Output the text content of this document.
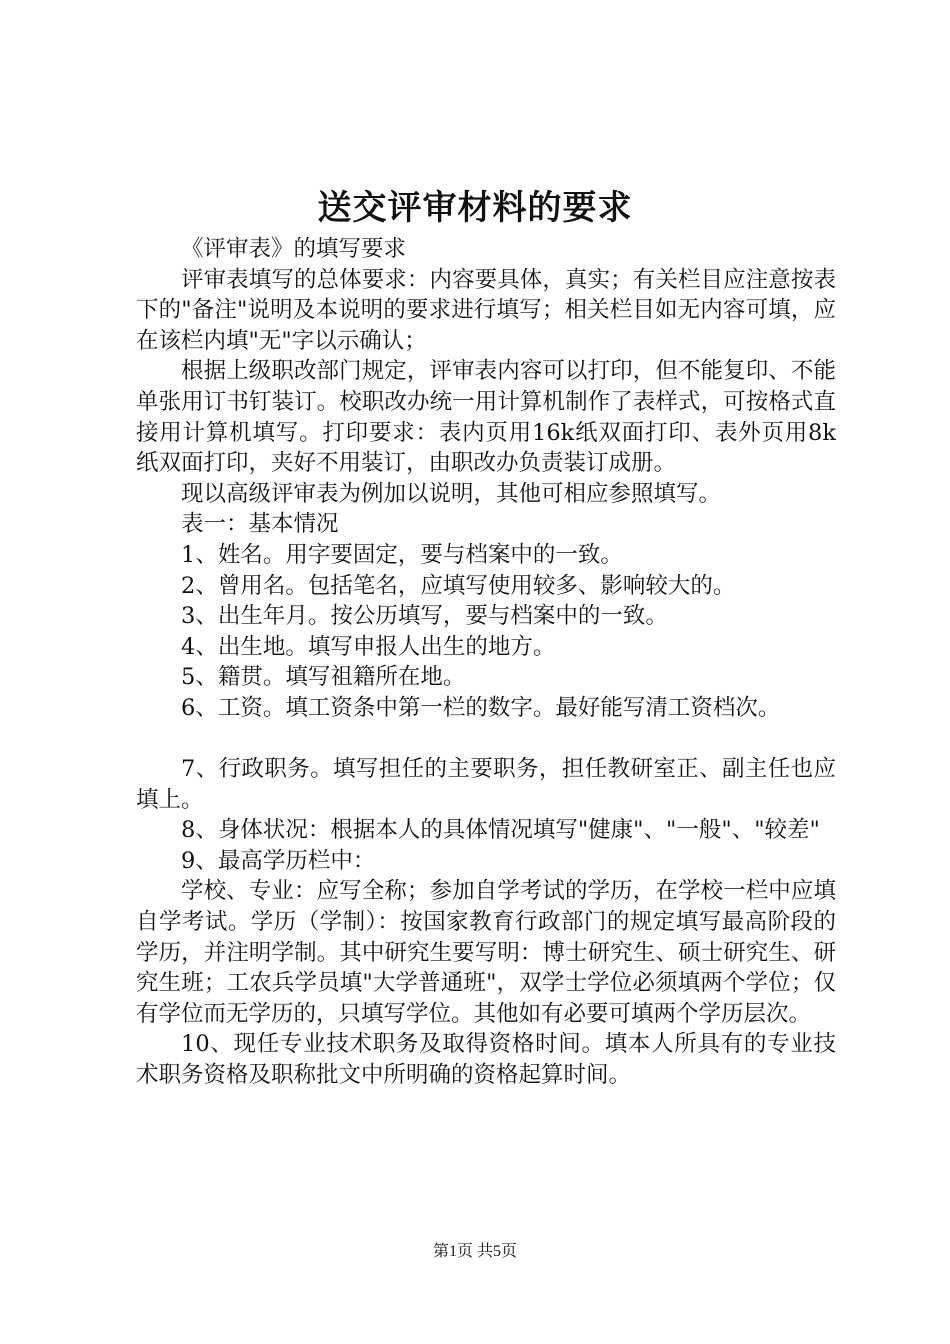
送交评审材料的要求

《评审表》的填写要求

评审表填写的总体要求：内容要具体，真实；有关栏目应注意按表下的"备注"说明及本说明的要求进行填写；相关栏目如无内容可填，应在该栏内填"无"字以示确认；

根据上级职改部门规定，评审表内容可以打印，但不能复印、不能单张用订书钉装订。校职改办统一用计算机制作了表样式，可按格式直接用计算机填写。打印要求：表内页用16k纸双面打印、表外页用8k纸双面打印，夹好不用装订，由职改办负责装订成册。

现以高级评审表为例加以说明，其他可相应参照填写。

表一：基本情况

1、姓名。用字要固定，要与档案中的一致。

2、曾用名。包括笔名，应填写使用较多、影响较大的。

3、出生年月。按公历填写，要与档案中的一致。

4、出生地。填写申报人出生的地方。

5、籍贯。填写祖籍所在地。

6、工资。填工资条中第一栏的数字。最好能写清工资档次。

7、行政职务。填写担任的主要职务，担任教研室正、副主任也应填上。

8、身体状况：根据本人的具体情况填写"健康"、"一般"、"较差"

9、最高学历栏中：

学校、专业：应写全称；参加自学考试的学历，在学校一栏中应填自学考试。学历（学制）：按国家教育行政部门的规定填写最高阶段的学历，并注明学制。其中研究生要写明：博士研究生、硕士研究生、研究生班；工农兵学员填"大学普通班"，双学士学位必须填两个学位；仅有学位而无学历的，只填写学位。其他如有必要可填两个学历层次。

10、现任专业技术职务及取得资格时间。填本人所具有的专业技术职务资格及职称批文中所明确的资格起算时间。

第1页 共5页
